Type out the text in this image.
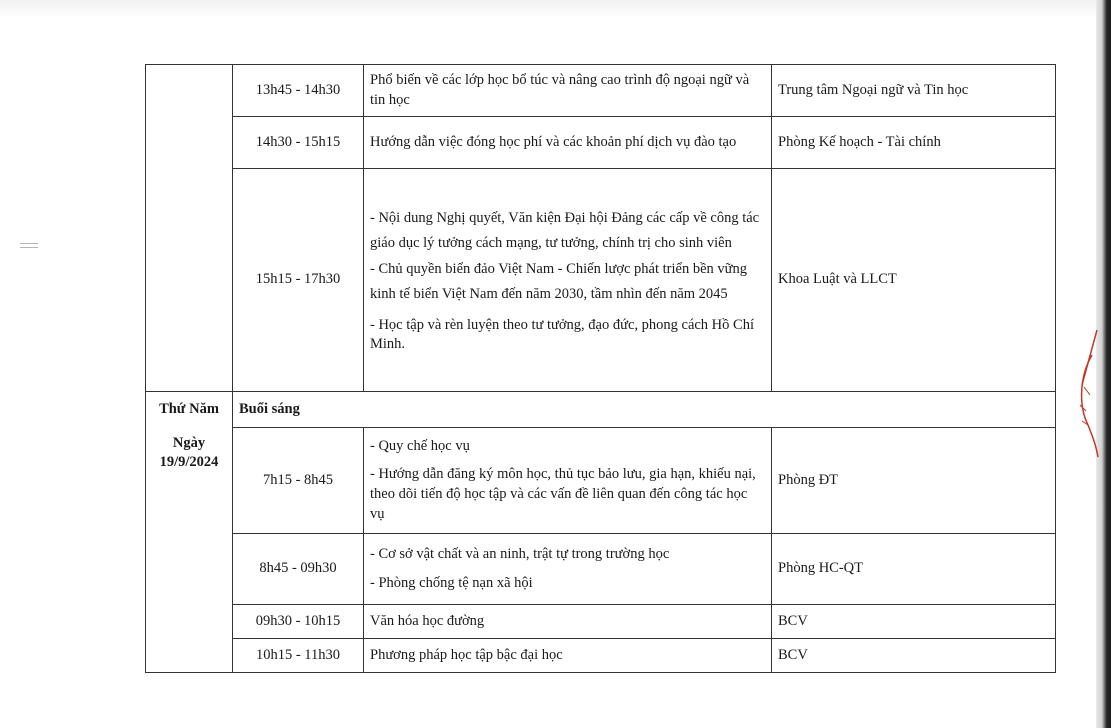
	13h45 - 14h30	Phổ biến về các lớp học bổ túc và nâng cao trình độ ngoại ngữ và tin học	Trung tâm Ngoại ngữ và Tin học
	14h30 - 15h15	Hướng dẫn việc đóng học phí và các khoản phí dịch vụ đào tạo	Phòng Kế hoạch - Tài chính
	15h15 - 17h30	- Nội dung Nghị quyết, Văn kiện Đại hội Đảng các cấp về công tác giáo dục lý tưởng cách mạng, tư tưởng, chính trị cho sinh viên
- Chủ quyền biển đảo Việt Nam - Chiến lược phát triển bền vững kinh tế biển Việt Nam đến năm 2030, tầm nhìn đến năm 2045
- Học tập và rèn luyện theo tư tưởng, đạo đức, phong cách Hồ Chí Minh.	Khoa Luật và LLCT

Thứ Năm
Ngày
19/9/2024	Buổi sáng		
	7h15 - 8h45	- Quy chế học vụ
- Hướng dẫn đăng ký môn học, thủ tục bảo lưu, gia hạn, khiếu nại, theo dõi tiến độ học tập và các vấn đề liên quan đến công tác học vụ	Phòng ĐT
	8h45 - 09h30	- Cơ sở vật chất và an ninh, trật tự trong trường học
- Phòng chống tệ nạn xã hội	Phòng HC-QT
	09h30 - 10h15	Văn hóa học đường	BCV
	10h15 - 11h30	Phương pháp học tập bậc đại học	BCV
